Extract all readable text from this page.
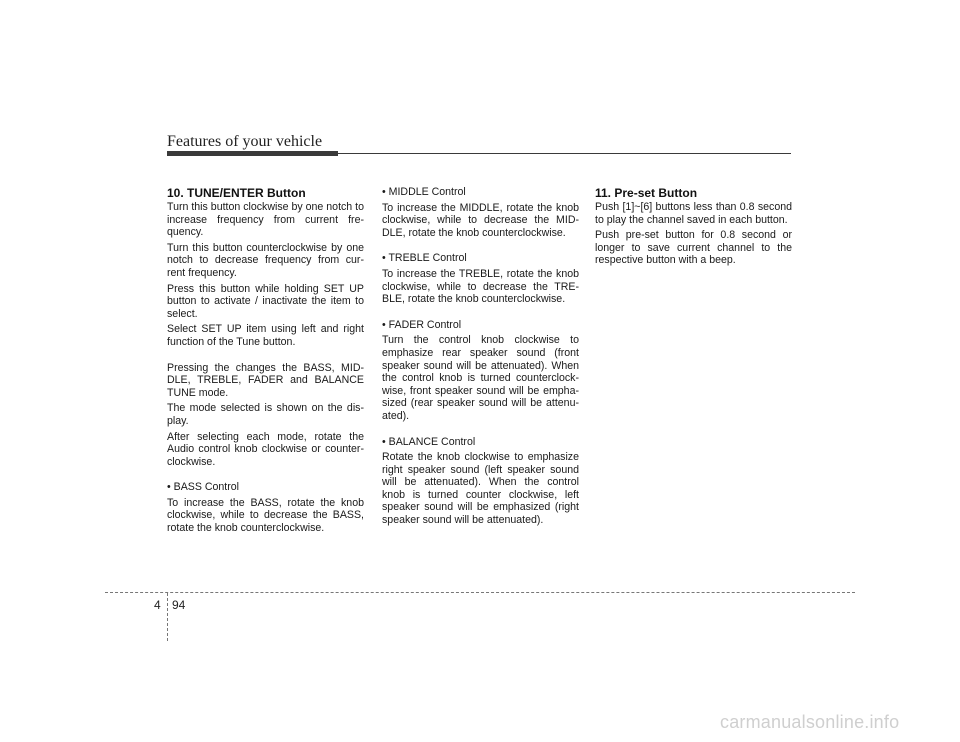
Features of your vehicle
10. TUNE/ENTER Button
Turn this button clockwise by one notch to increase frequency from current fre-quency.
Turn this button counterclockwise by one notch to decrease frequency from cur-rent frequency.
Press this button while holding SET UP button to activate / inactivate the item to select.
Select SET UP item using left and right function of the Tune button.
Pressing the changes the BASS, MID-DLE, TREBLE, FADER and BALANCE TUNE mode.
The mode selected is shown on the dis-play.
After selecting each mode, rotate the Audio control knob clockwise or counter-clockwise.
• BASS Control
To increase the BASS, rotate the knob clockwise, while to decrease the BASS, rotate the knob counterclockwise.
• MIDDLE Control
To increase the MIDDLE, rotate the knob clockwise, while to decrease the MID-DLE, rotate the knob counterclockwise.
• TREBLE Control
To increase the TREBLE, rotate the knob clockwise, while to decrease the TRE-BLE, rotate the knob counterclockwise.
• FADER Control
Turn the control knob clockwise to emphasize rear speaker sound (front speaker sound will be attenuated). When the control knob is turned counterclock-wise, front speaker sound will be empha-sized (rear speaker sound will be attenu-ated).
• BALANCE Control
Rotate the knob clockwise to emphasize right speaker sound (left speaker sound will be attenuated). When the control knob is turned counter clockwise, left speaker sound will be emphasized (right speaker sound will be attenuated).
11. Pre-set Button
Push [1]~[6] buttons less than 0.8 second to play the channel saved in each button.
Push pre-set button for 0.8 second or longer to save current channel to the respective button with a beep.
4 94
carmanualsonline.info
